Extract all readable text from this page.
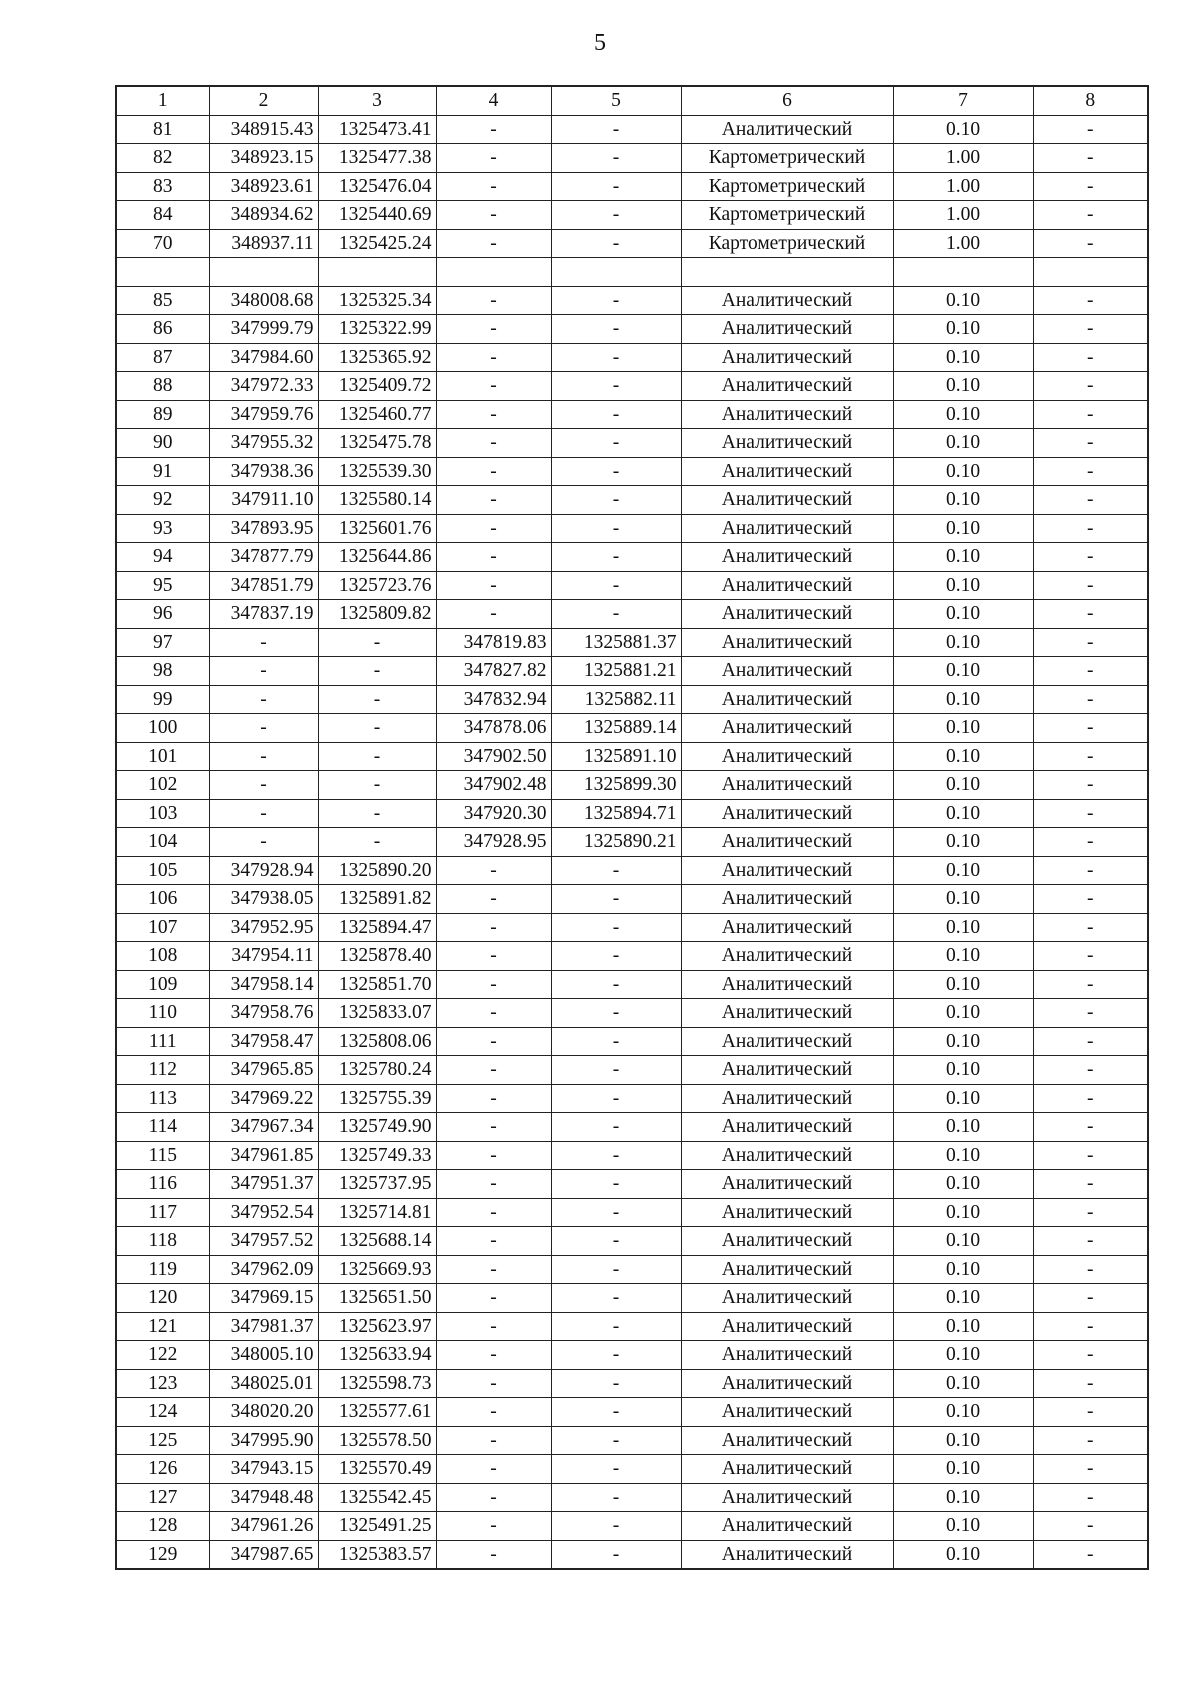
5
1	2	3	4	5	6	7	8
81	348915.43	1325473.41	-	-	Аналитический	0.10	-
82	348923.15	1325477.38	-	-	Картометрический	1.00	-
83	348923.61	1325476.04	-	-	Картометрический	1.00	-
84	348934.62	1325440.69	-	-	Картометрический	1.00	-
70	348937.11	1325425.24	-	-	Картометрический	1.00	-

85	348008.68	1325325.34	-	-	Аналитический	0.10	-
86	347999.79	1325322.99	-	-	Аналитический	0.10	-
87	347984.60	1325365.92	-	-	Аналитический	0.10	-
88	347972.33	1325409.72	-	-	Аналитический	0.10	-
89	347959.76	1325460.77	-	-	Аналитический	0.10	-
90	347955.32	1325475.78	-	-	Аналитический	0.10	-
91	347938.36	1325539.30	-	-	Аналитический	0.10	-
92	347911.10	1325580.14	-	-	Аналитический	0.10	-
93	347893.95	1325601.76	-	-	Аналитический	0.10	-
94	347877.79	1325644.86	-	-	Аналитический	0.10	-
95	347851.79	1325723.76	-	-	Аналитический	0.10	-
96	347837.19	1325809.82	-	-	Аналитический	0.10	-
97	-	-	347819.83	1325881.37	Аналитический	0.10	-
98	-	-	347827.82	1325881.21	Аналитический	0.10	-
99	-	-	347832.94	1325882.11	Аналитический	0.10	-
100	-	-	347878.06	1325889.14	Аналитический	0.10	-
101	-	-	347902.50	1325891.10	Аналитический	0.10	-
102	-	-	347902.48	1325899.30	Аналитический	0.10	-
103	-	-	347920.30	1325894.71	Аналитический	0.10	-
104	-	-	347928.95	1325890.21	Аналитический	0.10	-
105	347928.94	1325890.20	-	-	Аналитический	0.10	-
106	347938.05	1325891.82	-	-	Аналитический	0.10	-
107	347952.95	1325894.47	-	-	Аналитический	0.10	-
108	347954.11	1325878.40	-	-	Аналитический	0.10	-
109	347958.14	1325851.70	-	-	Аналитический	0.10	-
110	347958.76	1325833.07	-	-	Аналитический	0.10	-
111	347958.47	1325808.06	-	-	Аналитический	0.10	-
112	347965.85	1325780.24	-	-	Аналитический	0.10	-
113	347969.22	1325755.39	-	-	Аналитический	0.10	-
114	347967.34	1325749.90	-	-	Аналитический	0.10	-
115	347961.85	1325749.33	-	-	Аналитический	0.10	-
116	347951.37	1325737.95	-	-	Аналитический	0.10	-
117	347952.54	1325714.81	-	-	Аналитический	0.10	-
118	347957.52	1325688.14	-	-	Аналитический	0.10	-
119	347962.09	1325669.93	-	-	Аналитический	0.10	-
120	347969.15	1325651.50	-	-	Аналитический	0.10	-
121	347981.37	1325623.97	-	-	Аналитический	0.10	-
122	348005.10	1325633.94	-	-	Аналитический	0.10	-
123	348025.01	1325598.73	-	-	Аналитический	0.10	-
124	348020.20	1325577.61	-	-	Аналитический	0.10	-
125	347995.90	1325578.50	-	-	Аналитический	0.10	-
126	347943.15	1325570.49	-	-	Аналитический	0.10	-
127	347948.48	1325542.45	-	-	Аналитический	0.10	-
128	347961.26	1325491.25	-	-	Аналитический	0.10	-
129	347987.65	1325383.57	-	-	Аналитический	0.10	-
